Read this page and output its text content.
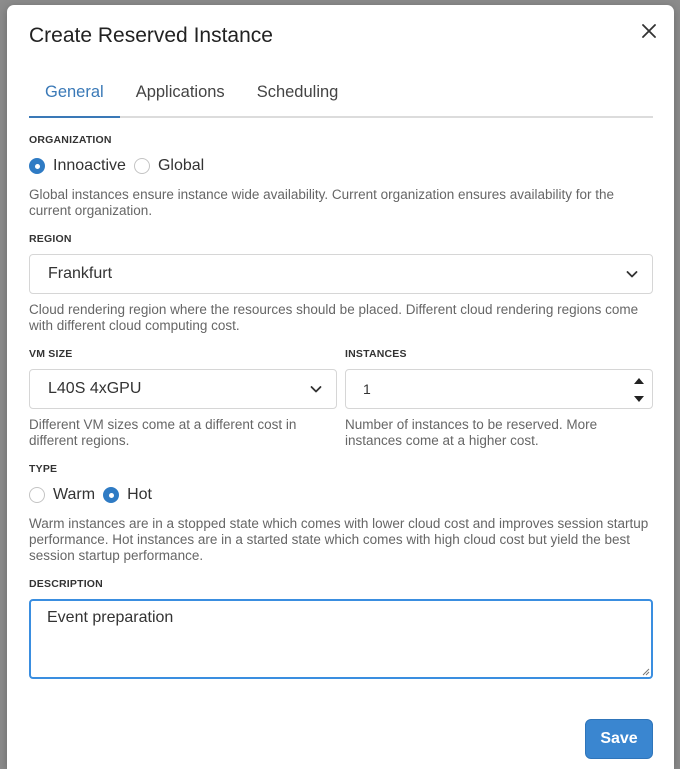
Create Reserved Instance
General	Applications	Scheduling
ORGANIZATION
Innoactive Global
Global instances ensure instance wide availability. Current organization ensures availability for the current organization.
REGION
Frankfurt
Cloud rendering region where the resources should be placed. Different cloud rendering regions come with different cloud computing cost.
VM SIZE
L40S 4xGPU
Different VM sizes come at a different cost in different regions.
INSTANCES
1
Number of instances to be reserved. More instances come at a higher cost.
TYPE
Warm Hot
Warm instances are in a stopped state which comes with lower cloud cost and improves session startup performance. Hot instances are in a started state which comes with high cloud cost but yield the best session startup performance.
DESCRIPTION
Event preparation
Save
